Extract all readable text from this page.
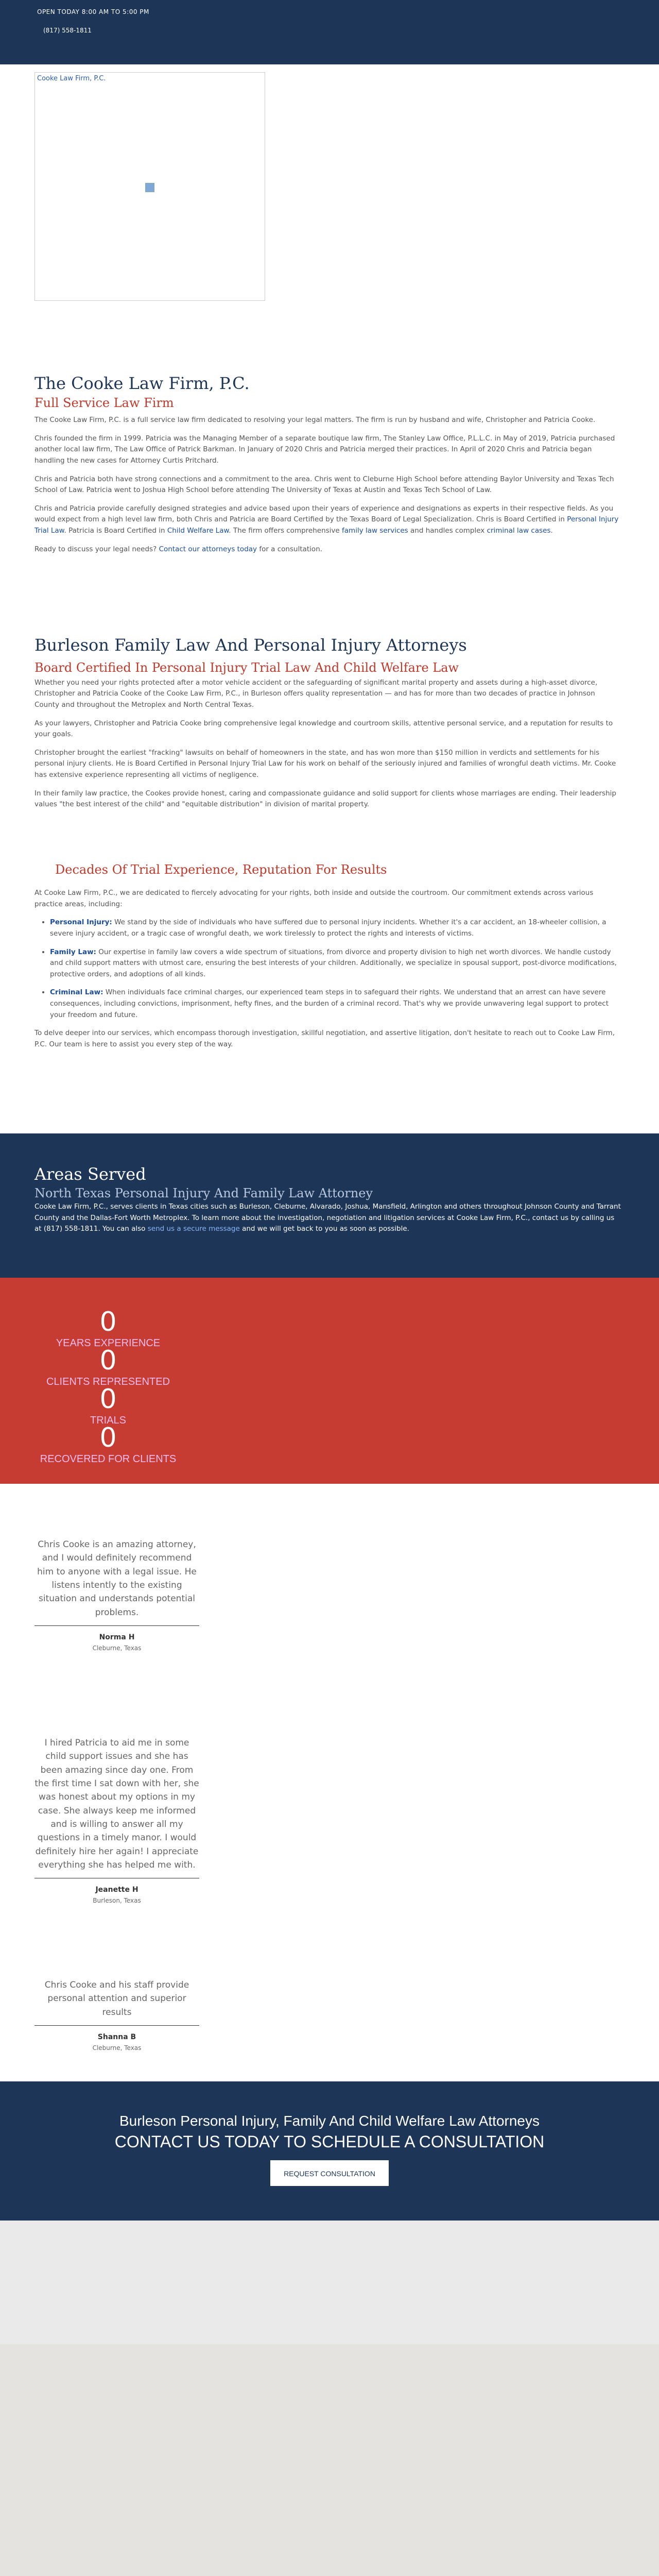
OPEN TODAY 8:00 AM TO 5:00 PM
(817) 558-1811
Cooke Law Firm, P.C.
The Cooke Law Firm, P.C.
Full Service Law Firm

The Cooke Law Firm, P.C. is a full service law firm dedicated to resolving your legal matters. The firm is run by husband and wife, Christopher and Patricia Cooke.

Chris founded the firm in 1999. Patricia was the Managing Member of a separate boutique law firm, The Stanley Law Office, P.L.L.C. in May of 2019, Patricia purchased another local law firm, The Law Office of Patrick Barkman. In January of 2020 Chris and Patricia merged their practices. In April of 2020 Chris and Patricia began handling the new cases for Attorney Curtis Pritchard.

Chris and Patricia both have strong connections and a commitment to the area. Chris went to Cleburne High School before attending Baylor University and Texas Tech School of Law. Patricia went to Joshua High School before attending The University of Texas at Austin and Texas Tech School of Law.

Chris and Patricia provide carefully designed strategies and advice based upon their years of experience and designations as experts in their respective fields. As you would expect from a high level law firm, both Chris and Patricia are Board Certified by the Texas Board of Legal Specialization. Chris is Board Certified in Personal Injury Trial Law. Patricia is Board Certified in Child Welfare Law. The firm offers comprehensive family law services and handles complex criminal law cases.

Ready to discuss your legal needs? Contact our attorneys today for a consultation.

Burleson Family Law And Personal Injury Attorneys
Board Certified In Personal Injury Trial Law And Child Welfare Law

Whether you need your rights protected after a motor vehicle accident or the safeguarding of significant marital property and assets during a high-asset divorce, Christopher and Patricia Cooke of the Cooke Law Firm, P.C., in Burleson offers quality representation — and has for more than two decades of practice in Johnson County and throughout the Metroplex and North Central Texas.

As your lawyers, Christopher and Patricia Cooke bring comprehensive legal knowledge and courtroom skills, attentive personal service, and a reputation for results to your goals.

Christopher brought the earliest "fracking" lawsuits on behalf of homeowners in the state, and has won more than $150 million in verdicts and settlements for his personal injury clients. He is Board Certified in Personal Injury Trial Law for his work on behalf of the seriously injured and families of wrongful death victims. Mr. Cooke has extensive experience representing all victims of negligence.

In their family law practice, the Cookes provide honest, caring and compassionate guidance and solid support for clients whose marriages are ending. Their leadership values "the best interest of the child" and "equitable distribution" in division of marital property.

Decades Of Trial Experience, Reputation For Results

At Cooke Law Firm, P.C., we are dedicated to fiercely advocating for your rights, both inside and outside the courtroom. Our commitment extends across various practice areas, including:

• Personal Injury: We stand by the side of individuals who have suffered due to personal injury incidents. Whether it's a car accident, an 18-wheeler collision, a severe injury accident, or a tragic case of wrongful death, we work tirelessly to protect the rights and interests of victims.
• Family Law: Our expertise in family law covers a wide spectrum of situations, from divorce and property division to high net worth divorces. We handle custody and child support matters with utmost care, ensuring the best interests of your children. Additionally, we specialize in spousal support, post-divorce modifications, protective orders, and adoptions of all kinds.
• Criminal Law: When individuals face criminal charges, our experienced team steps in to safeguard their rights. We understand that an arrest can have severe consequences, including convictions, imprisonment, hefty fines, and the burden of a criminal record. That's why we provide unwavering legal support to protect your freedom and future.

To delve deeper into our services, which encompass thorough investigation, skillful negotiation, and assertive litigation, don't hesitate to reach out to Cooke Law Firm, P.C. Our team is here to assist you every step of the way.

Areas Served
North Texas Personal Injury And Family Law Attorney
Cooke Law Firm, P.C., serves clients in Texas cities such as Burleson, Cleburne, Alvarado, Joshua, Mansfield, Arlington and others throughout Johnson County and Tarrant County and the Dallas-Fort Worth Metroplex. To learn more about the investigation, negotiation and litigation services at Cooke Law Firm, P.C., contact us by calling us at (817) 558-1811. You can also send us a secure message and we will get back to you as soon as possible.
0
YEARS EXPERIENCE
0
CLIENTS REPRESENTED
0
TRIALS
0
RECOVERED FOR CLIENTS
Chris Cooke is an amazing attorney, and I would definitely recommend him to anyone with a legal issue. He listens intently to the existing situation and understands potential problems.
Norma H
Cleburne, Texas
I hired Patricia to aid me in some child support issues and she has been amazing since day one. From the first time I sat down with her, she was honest about my options in my case. She always keep me informed and is willing to answer all my questions in a timely manor. I would definitely hire her again! I appreciate everything she has helped me with.
Jeanette H
Burleson, Texas
Chris Cooke and his staff provide personal attention and superior results
Shanna B
Cleburne, Texas
Burleson Personal Injury, Family And Child Welfare Law Attorneys
CONTACT US TODAY TO SCHEDULE A CONSULTATION
REQUEST CONSULTATION
